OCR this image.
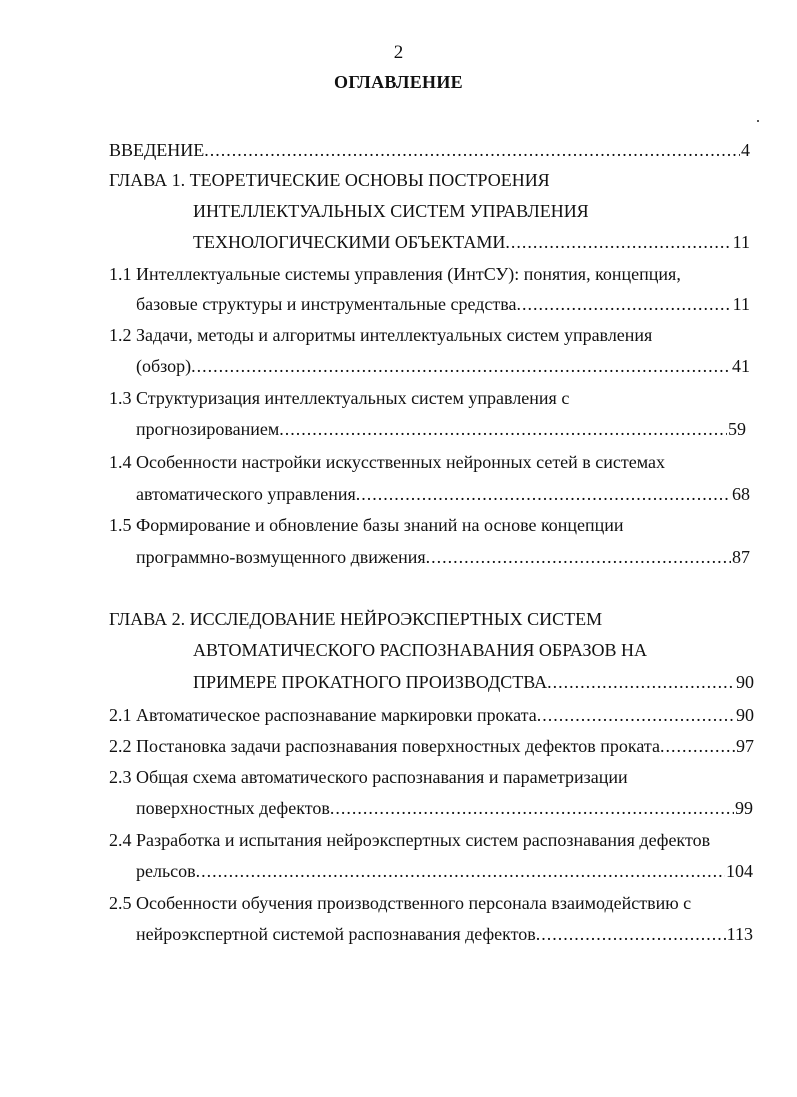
2
ОГЛАВЛЕНИЕ
ВВЕДЕНИЕ .....	4
ГЛАВА 1. ТЕОРЕТИЧЕСКИЕ ОСНОВЫ ПОСТРОЕНИЯ
ИНТЕЛЛЕКТУАЛЬНЫХ СИСТЕМ УПРАВЛЕНИЯ
ТЕХНОЛОГИЧЕСКИМИ ОБЪЕКТАМИ .....	11
1.1 Интеллектуальные системы управления (ИнтСУ): понятия, концепция,
базовые структуры и инструментальные средства .....	11
1.2 Задачи, методы и алгоритмы интеллектуальных систем управления
(обзор) .....	41
1.3 Структуризация интеллектуальных систем управления с
прогнозированием .....	59
1.4 Особенности настройки искусственных нейронных сетей в системах
автоматического управления .....	68
1.5 Формирование и обновление базы знаний на основе концепции
программно-возмущенного движения .....	87
ГЛАВА 2. ИССЛЕДОВАНИЕ НЕЙРОЭКСПЕРТНЫХ СИСТЕМ
АВТОМАТИЧЕСКОГО РАСПОЗНАВАНИЯ ОБРАЗОВ НА
ПРИМЕРЕ ПРОКАТНОГО ПРОИЗВОДСТВА .....	90
2.1 Автоматическое распознавание маркировки проката .....	90
2.2 Постановка задачи распознавания поверхностных дефектов проката .....	97
2.3 Общая схема автоматического распознавания и параметризации
поверхностных дефектов .....	99
2.4 Разработка и испытания нейроэкспертных систем распознавания дефектов
рельсов .....	104
2.5 Особенности обучения производственного персонала взаимодействию с
нейроэкспертной системой распознавания дефектов .....	113
